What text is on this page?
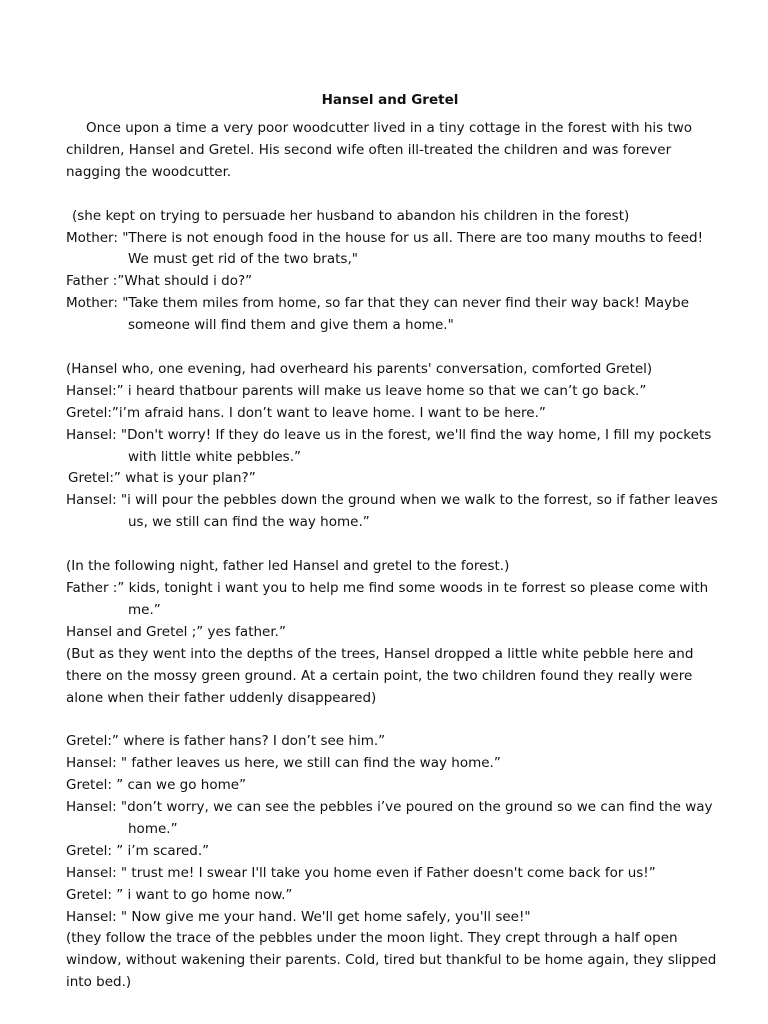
Hansel and Gretel

Once upon a time a very poor woodcutter lived in a tiny cottage in the forest with his two children, Hansel and Gretel. His second wife often ill-treated the children and was forever nagging the woodcutter.

(she kept on trying to persuade her husband to abandon his children in the forest)

Mother: "There is not enough food in the house for us all. There are too many mouths to feed! We must get rid of the two brats,"

Father :”What should i do?”

Mother: "Take them miles from home, so far that they can never find their way back! Maybe someone will find them and give them a home."

(Hansel who, one evening, had overheard his parents' conversation, comforted Gretel)

Hansel:” i heard thatbour parents will make us leave home so that we can’t go back.”

Gretel:”i’m afraid hans. I don’t want to leave home. I want to be here.”

Hansel: "Don't worry! If they do leave us in the forest, we'll find the way home, I fill my pockets with little white pebbles.”

Gretel:” what is your plan?”

Hansel: "i will pour the pebbles down the ground when we walk to the forrest, so if father leaves us, we still can find the way home.”

(In the following night, father led Hansel and gretel to the forest.)

Father :” kids, tonight i want you to help me find some woods in te forrest so please come with me.”

Hansel and Gretel ;” yes father.”

(But as they went into the depths of the trees, Hansel dropped a little white pebble here and there on the mossy green ground. At a certain point, the two children found they really were alone when their father uddenly disappeared)

Gretel:” where is father hans? I don’t see him.”

Hansel: " father leaves us here, we still can find the way home.”

Gretel: ” can we go home”

Hansel: "don’t worry, we can see the pebbles i’ve poured on the ground so we can find the way home.”

Gretel: ” i’m scared.”

Hansel: " trust me! I swear I'll take you home even if Father doesn't come back for us!”

Gretel: ” i want to go home now.”

Hansel: " Now give me your hand. We'll get home safely, you'll see!"

(they follow the trace of the pebbles under the moon light. They crept through a half open window, without wakening their parents. Cold, tired but thankful to be home again, they slipped into bed.)
